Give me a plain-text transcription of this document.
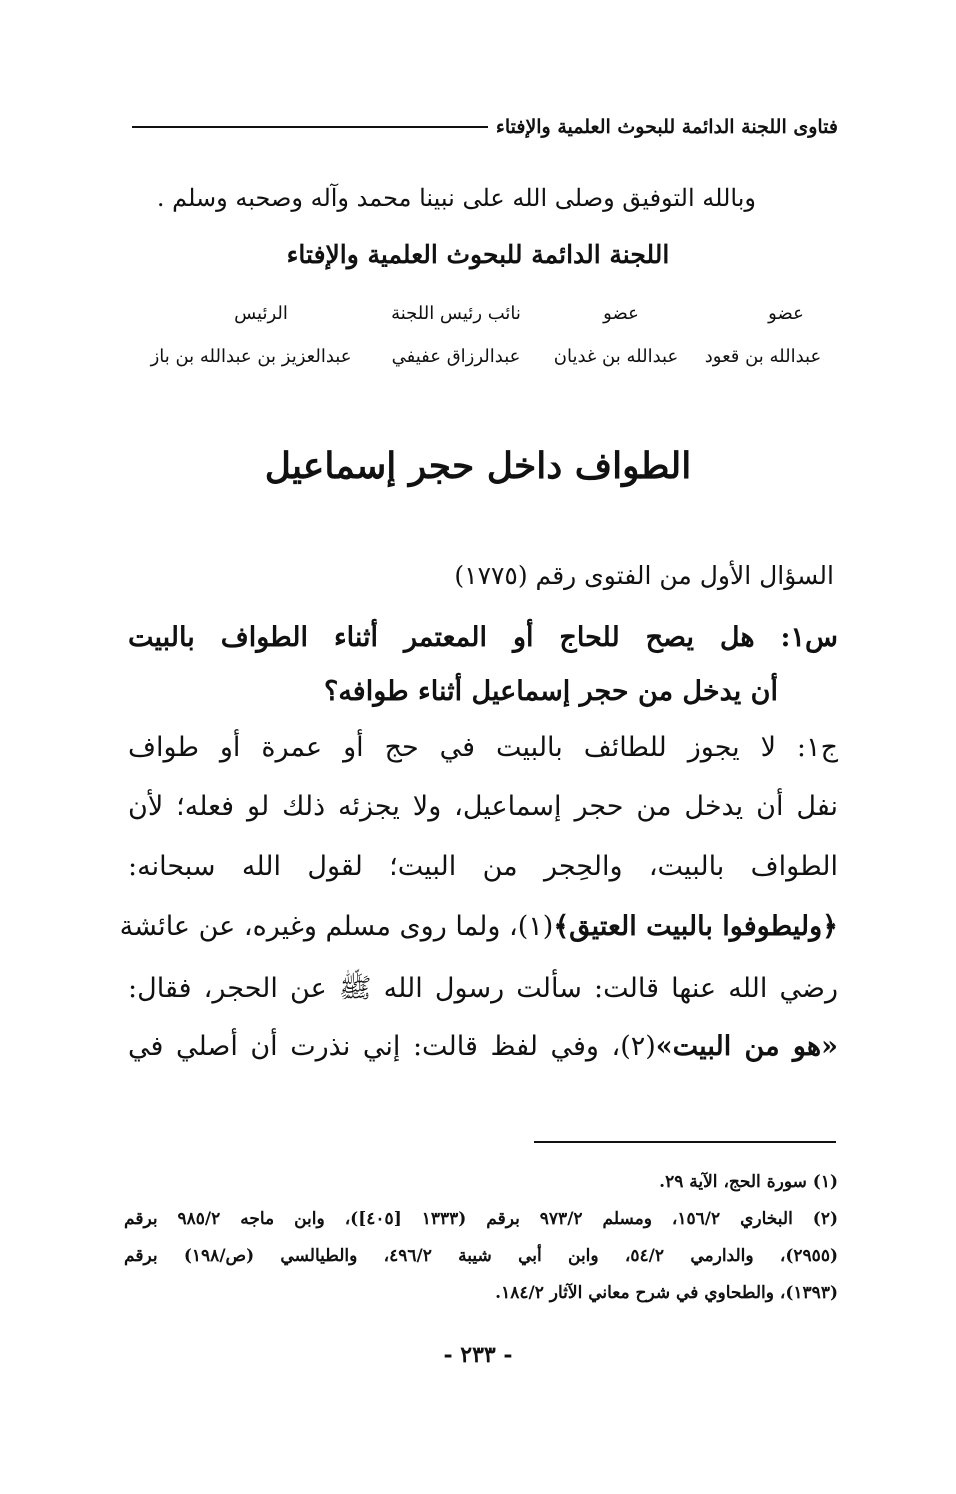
فتاوى اللجنة الدائمة للبحوث العلمية والإفتاء
وبالله التوفيق وصلى الله على نبينا محمد وآله وصحبه وسلم .
اللجنة الدائمة للبحوث العلمية والإفتاء
عضو
عضو
نائب رئيس اللجنة
الرئيس
عبدالله بن قعود
عبدالله بن غديان
عبدالرزاق عفيفي
عبدالعزيز بن عبدالله بن باز
الطواف داخل حجر إسماعيل
السؤال الأول من الفتوى رقم (١٧٧٥)
س١: هل يصح للحاج أو المعتمر أثناء الطواف بالبيت
أن يدخل من حجر إسماعيل أثناء طوافه؟
ج١: لا يجوز للطائف بالبيت في حج أو عمرة أو طواف
نفل أن يدخل من حجر إسماعيل، ولا يجزئه ذلك لو فعله؛ لأن
الطواف بالبيت، والحِجر من البيت؛ لقول الله سبحانه:
﴿وليطوفوا بالبيت العتيق﴾(١)، ولما روى مسلم وغيره، عن عائشة
رضي الله عنها قالت: سألت رسول الله ﷺ عن الحجر، فقال:
«هو من البيت»(٢)، وفي لفظ قالت: إني نذرت أن أصلي في
(١) سورة الحج، الآية ٢٩.
(٢) البخاري ١٥٦/٢، ومسلم ٩٧٣/٢ برقم (١٣٣٣ [٤٠٥])، وابن ماجه ٩٨٥/٢ برقم
(٢٩٥٥)، والدارمي ٥٤/٢، وابن أبي شيبة ٤٩٦/٢، والطيالسي (ص/١٩٨) برقم
(١٣٩٣)، والطحاوي في شرح معاني الآثار ١٨٤/٢.
- ٢٣٣ -
